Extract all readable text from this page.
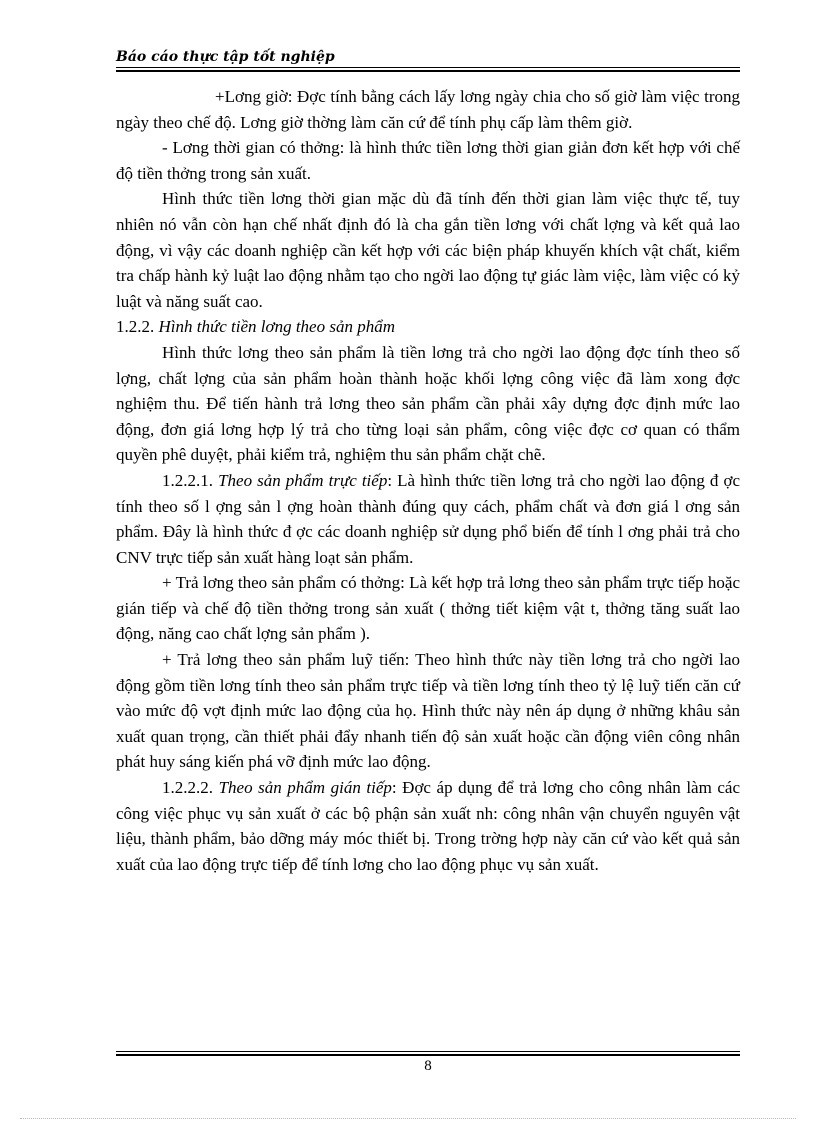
Báo cáo thực tập tốt nghiệp

+Lơng giờ: Đợc tính bằng cách lấy lơng ngày chia cho số giờ làm việc trong ngày theo chế độ. Lơng giờ thờng làm căn cứ để tính phụ cấp làm thêm giờ.

- Lơng thời gian có thởng: là hình thức tiền lơng thời gian giản đơn kết hợp với chế độ tiền thởng trong sản xuất.

Hình thức tiền lơng thời gian mặc dù đã tính đến thời gian làm việc thực tế, tuy nhiên nó vẫn còn hạn chế nhất định đó là cha gắn tiền lơng với chất lợng và kết quả lao động, vì vậy các doanh nghiệp cần kết hợp với các biện pháp khuyến khích vật chất, kiểm tra chấp hành kỷ luật lao động nhằm tạo cho ngời lao động tự giác làm việc, làm việc có kỷ luật và năng suất cao.

1.2.2. Hình thức tiền lơng theo sản phẩm

Hình thức lơng theo sản phẩm là tiền lơng trả cho ngời lao động đợc tính theo số lợng, chất lợng của sản phẩm hoàn thành hoặc khối lợng công việc đã làm xong đợc nghiệm thu. Để tiến hành trả lơng theo sản phẩm cần phải xây dựng đợc định mức lao động, đơn giá lơng hợp lý trả cho từng loại sản phẩm, công việc đợc cơ quan có thẩm quyền phê duyệt, phải kiểm trả, nghiệm thu sản phẩm chặt chẽ.

1.2.2.1. Theo sản phẩm trực tiếp: Là hình thức tiền lơng trả cho ngời lao động đ ợc tính theo số l ợng sản l ợng hoàn thành đúng quy cách, phẩm chất và đơn giá l ơng sản phẩm. Đây là hình thức đ ợc các doanh nghiệp sử dụng phổ biến để tính l ơng phải trả cho CNV trực tiếp sản xuất hàng loạt sản phẩm.

+ Trả lơng theo sản phẩm có thởng: Là kết hợp trả lơng theo sản phẩm trực tiếp hoặc gián tiếp và chế độ tiền thởng trong sản xuất ( thởng tiết kiệm vật t, thởng tăng suất lao động, năng cao chất lợng sản phẩm ).

+ Trả lơng theo sản phẩm luỹ tiến: Theo hình thức này tiền lơng trả cho ngời lao động gồm tiền lơng tính theo sản phẩm trực tiếp và tiền lơng tính theo tỷ lệ luỹ tiến căn cứ vào mức độ vợt định mức lao động của họ. Hình thức này nên áp dụng ở những khâu sản xuất quan trọng, cần thiết phải đẩy nhanh tiến độ sản xuất hoặc cần động viên công nhân phát huy sáng kiến phá vỡ định mức lao động.

1.2.2.2. Theo sản phẩm gián tiếp: Đợc áp dụng để trả lơng cho công nhân làm các công việc phục vụ sản xuất ở các bộ phận sản xuất nh: công nhân vận chuyển nguyên vật liệu, thành phẩm, bảo dỡng máy móc thiết bị. Trong trờng hợp này căn cứ vào kết quả sản xuất của lao động trực tiếp để tính lơng cho lao động phục vụ sản xuất.

8
